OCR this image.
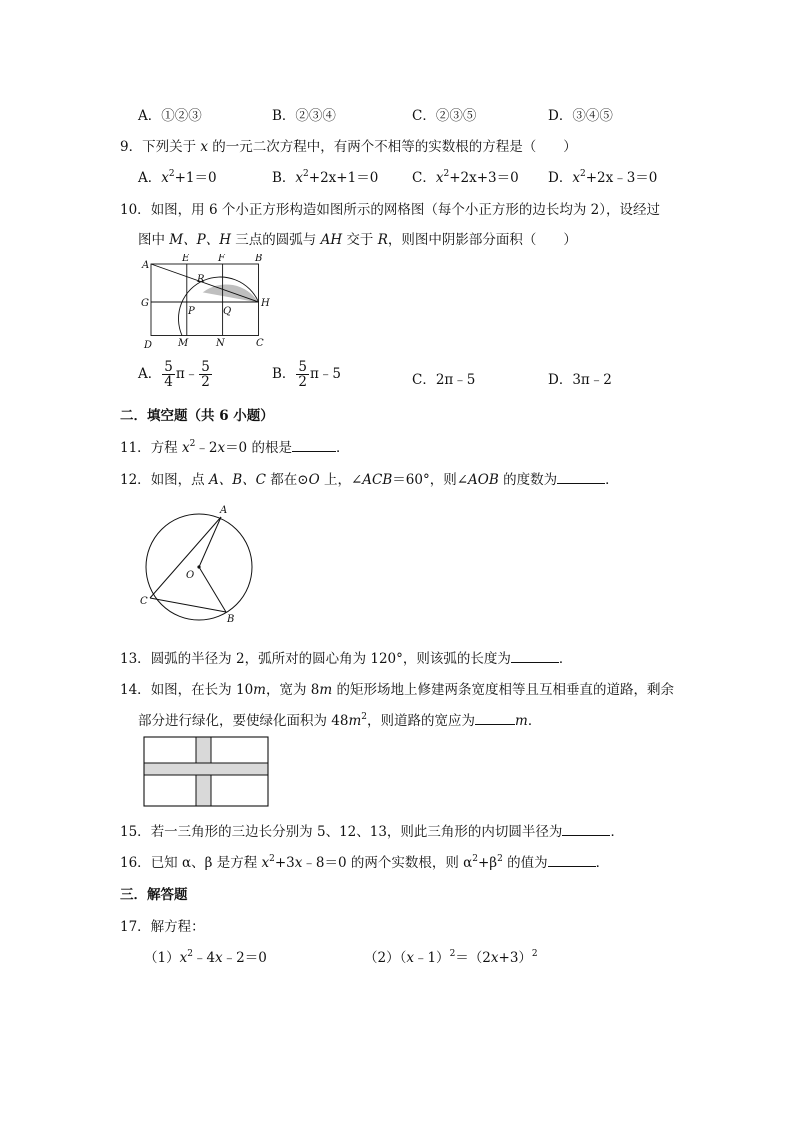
A．①②③	B．②③④	C．②③⑤	D．③④⑤
9．下列关于 x 的一元二次方程中，有两个不相等的实数根的方程是（　　）
A．$x^2+1=0$	B．$x^2+2x+1=0$ C．$x^2+2x+3=0$ D．$x^2+2x﹣3=0$
10．如图，用 6 个小正方形构造如图所示的网格图（每个小正方形的边长均为 2），设经过
图中 M、P、H 三点的圆弧与 AH 交于 R，则图中阴影部分面积（　　）
A
E	F	B
R
G	H
P	Q
D	M	N	C
A． $\frac{5}{4}$ π﹣ $\frac{5}{2}$	B． $\frac{5}{2}$ π﹣5	C．2π﹣5	D．3π﹣2
二．填空题（共 6 小题）
11．方程 $x^2﹣2x=0$ 的根是	．
12．如图，点 A、B、C 都在⊙O 上，∠ACB＝60°，则∠AOB 的度数为	．
A
O
C
B
13．圆弧的半径为 2，弧所对的圆心角为 120°，则该弧的长度为	．
14．如图，在长为 10m，宽为 8m 的矩形场地上修建两条宽度相等且互相垂直的道路，剩余
部分进行绿化，要使绿化面积为 $48m^2$，则道路的宽应为	m．
15．若一三角形的三边长分别为 5、12、13，则此三角形的内切圆半径为	．
16．已知 α、β 是方程 $x^2+3x﹣8=0$ 的两个实数根，则 $\alpha^2+\beta^2$ 的值为	．
三．解答题
17．解方程：
$(1)x^2﹣4x﹣2=0$	$(2)(x﹣1)^2=(2x+3)^2$
